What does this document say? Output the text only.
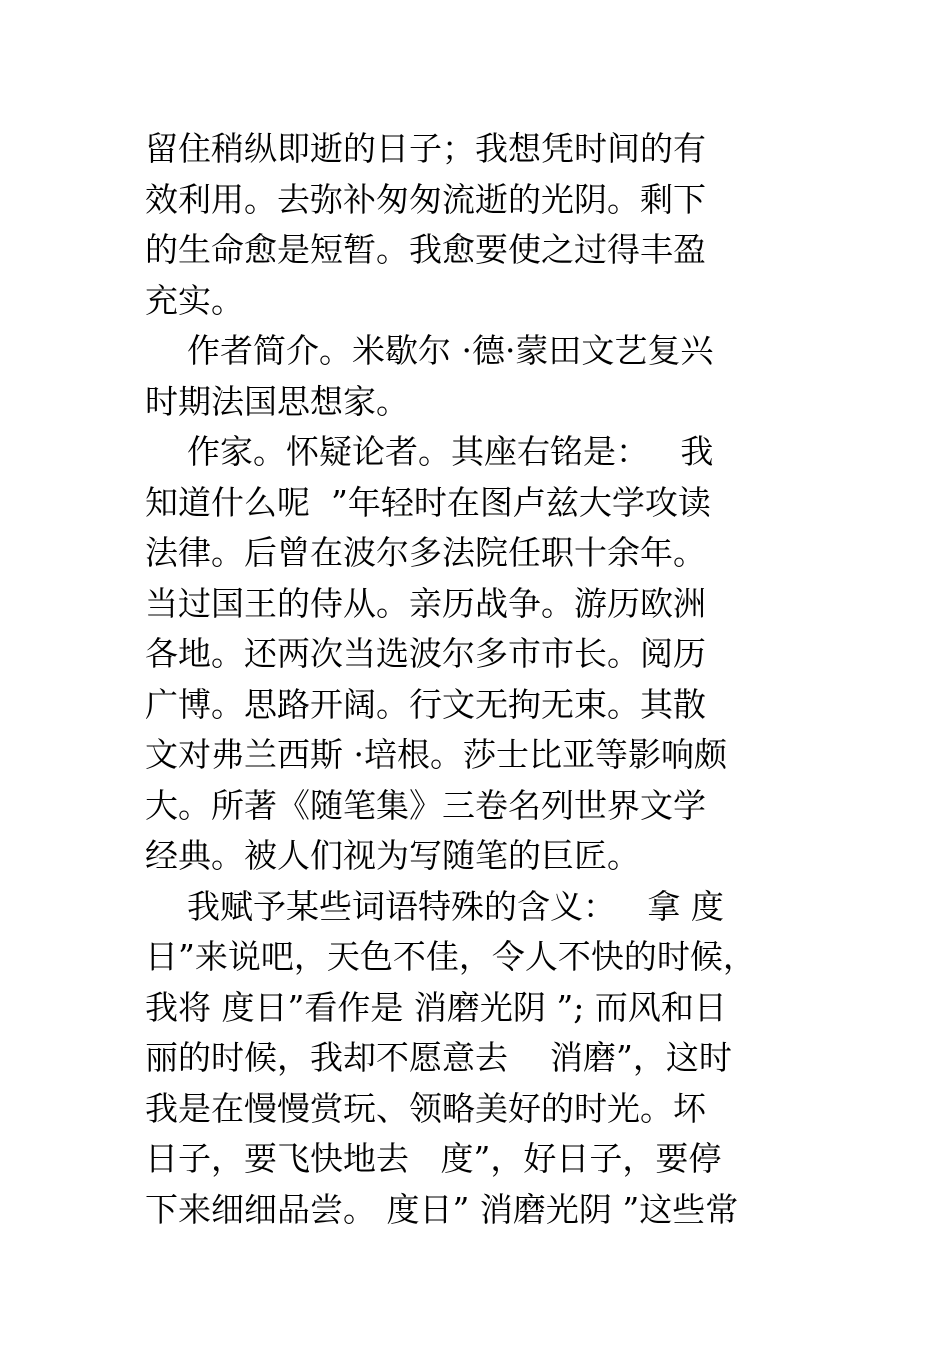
留住稍纵即逝的日子；我想凭时间的有
效利用。去弥补匆匆流逝的光阴。剩下
的生命愈是短暂。我愈要使之过得丰盈
充实。
作者简介。米歇尔 ·德·蒙田文艺复兴
时期法国思想家。
作家。怀疑论者。其座右铭是：   我
知道什么呢  ”年轻时在图卢兹大学攻读
法律。后曾在波尔多法院任职十余年。
当过国王的侍从。亲历战争。游历欧洲
各地。还两次当选波尔多市市长。阅历
广博。思路开阔。行文无拘无束。其散
文对弗兰西斯 ·培根。莎士比亚等影响颇
大。所著《随笔集》三卷名列世界文学
经典。被人们视为写随笔的巨匠。
我赋予某些词语特殊的含义：   拿 度
日”来说吧，天色不佳，令人不快的时候，
我将 度日”看作是 消磨光阴 ”; 而风和日
丽的时候，我却不愿意去    消磨”，这时
我是在慢慢赏玩、领略美好的时光。坏
日子，要飞快地去   度”，好日子，要停
下来细细品尝。 度日” 消磨光阴 ”这些常
